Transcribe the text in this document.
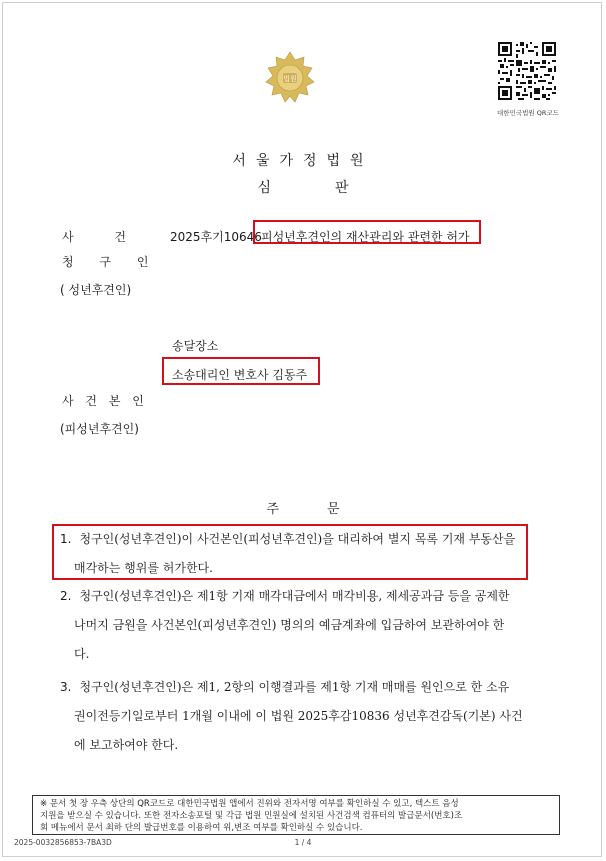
법원
대한민국법원 QR코드
서울가정법원
심판
사	건	2025후기10646 피성년후견인의 재산관리와 관련한 허가
청 구 인
( 성년후견인)
송달장소
소송대리인 변호사 김동주
사 건 본 인
(피성년후견인)
주문
1. 청구인(성년후견인)이 사건본인(피성년후견인)을 대리하여 별지 목록 기재 부동산을
매각하는 행위를 허가한다.
2. 청구인(성년후견인)은 제1항 기재 매각대금에서 매각비용, 제세공과금 등을 공제한
나머지 금원을 사건본인(피성년후견인) 명의의 예금계좌에 입금하여 보관하여야 한
다.
3. 청구인(성년후견인)은 제1, 2항의 이행결과를 제1항 기재 매매를 원인으로 한 소유
권이전등기일로부터 1개월 이내에 이 법원 2025후감10836 성년후견감독(기본) 사건
에 보고하여야 한다.
※ 문서 첫 장 우측 상단의 QR코드로 대한민국법원 앱에서 진위와 전자서명 여부를 확인하실 수 있고, 텍스트 음성
지원을 받으실 수 있습니다. 또한 전자소송포털 및 각급 법원 민원실에 설치된 사건검색 컴퓨터의 발급문서(번호)조
회 메뉴에서 문서 최하 단의 발급번호를 이용하여 위,변조 여부를 확인하실 수 있습니다.
2025-0032856853-7BA3D	1 / 4
